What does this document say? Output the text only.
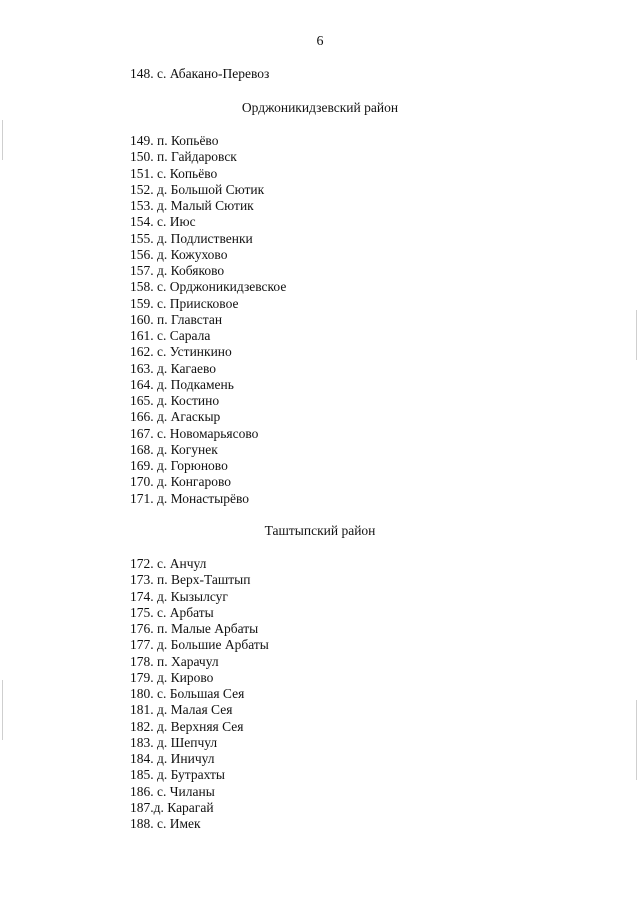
6
148. с. Абакано-Перевоз
Орджоникидзевский район
149. п. Копьёво
150. п. Гайдаровск
151. с. Копьёво
152. д. Большой Сютик
153. д. Малый Сютик
154. с. Июс
155. д. Подлиственки
156. д. Кожухово
157. д. Кобяково
158. с. Орджоникидзевское
159. с. Приисковое
160. п. Главстан
161. с. Сарала
162. с. Устинкино
163. д. Кагаево
164. д. Подкамень
165. д. Костино
166. д. Агаскыр
167. с. Новомарьясово
168. д. Когунек
169. д. Горюново
170. д. Конгарово
171. д. Монастырёво
Таштыпский район
172. с. Анчул
173. п. Верх-Таштып
174. д. Кызылсуг
175. с. Арбаты
176. п. Малые Арбаты
177. д. Большие Арбаты
178. п. Харачул
179. д. Кирово
180. с. Большая Сея
181. д. Малая Сея
182. д. Верхняя Сея
183. д. Шепчул
184. д. Иничул
185. д. Бутрахты
186. с. Чиланы
187.д. Карагай
188. с. Имек
